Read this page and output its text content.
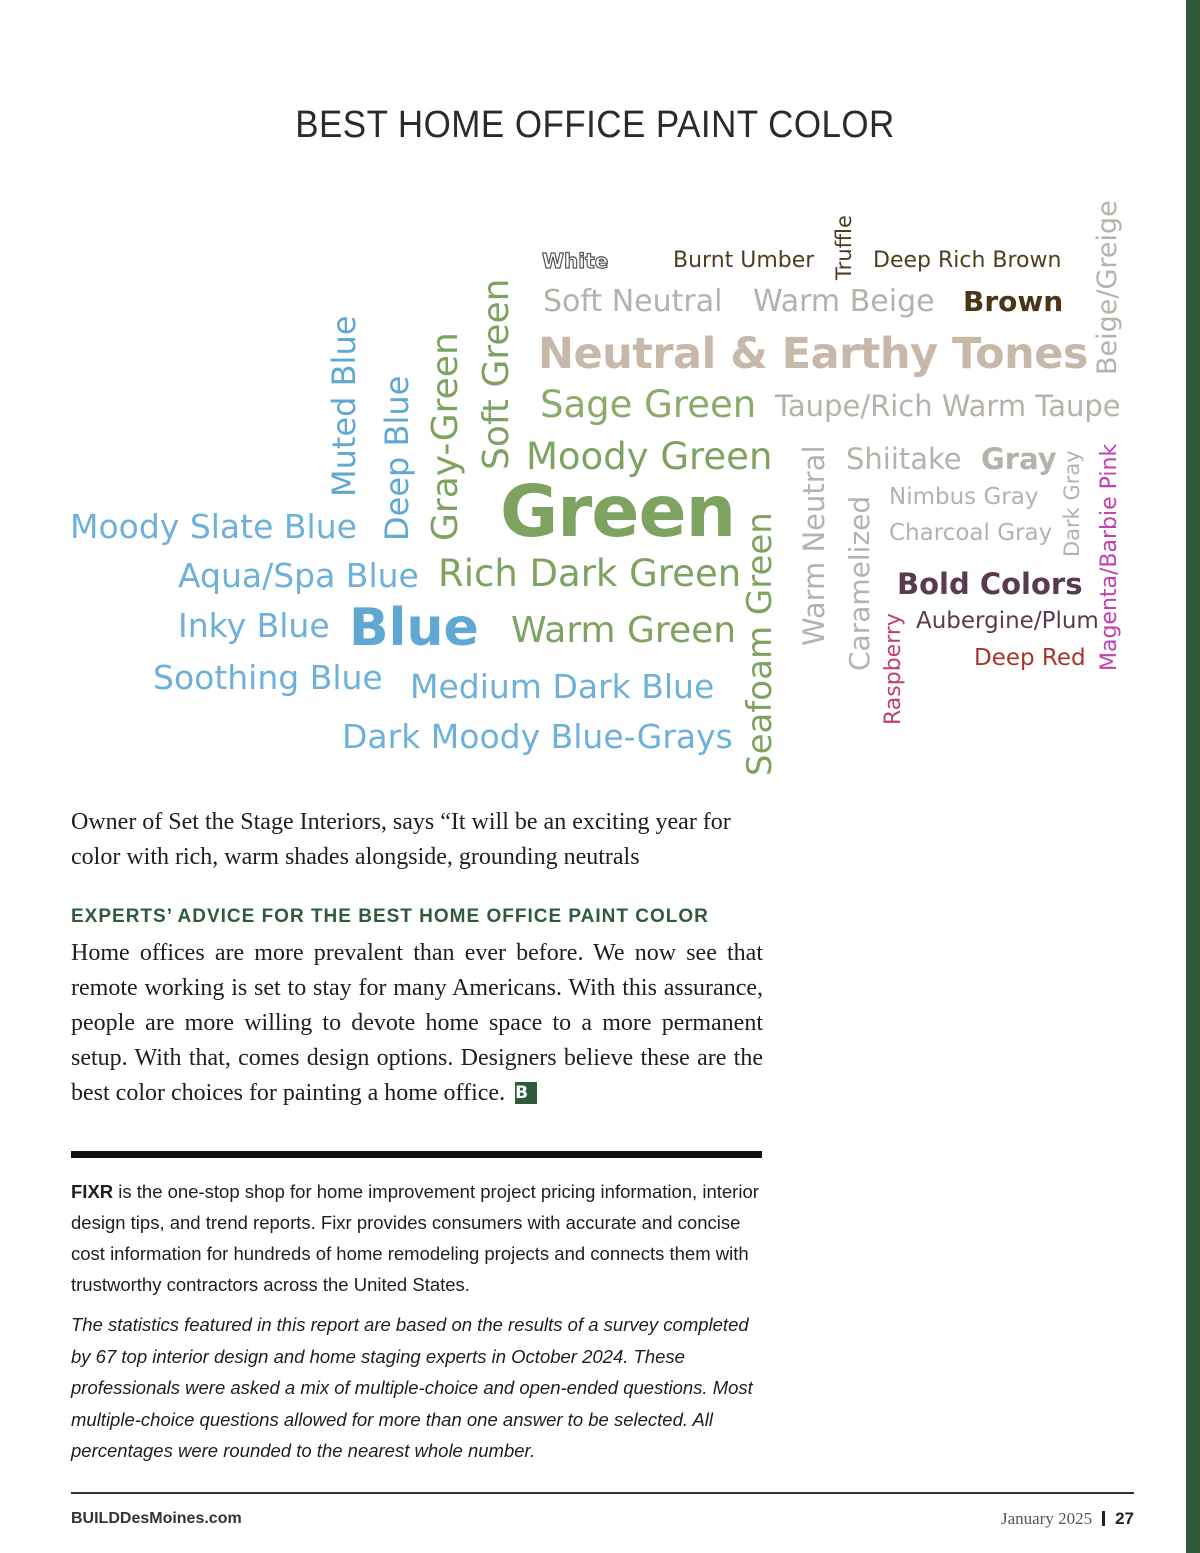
BEST HOME OFFICE PAINT COLOR
White	Burnt Umber Truffle Deep Rich Brown Beige/Greige
Soft Neutral Warm Beige Brown
Neutral & Earthy Tones
Sage Green Taupe/Rich Warm Taupe
Muted Blue Deep Blue Gray-Green Soft Green Moody Green Warm Neutral Shiitake Gray Dark Gray Magenta/Barbie Pink
Caramelized Nimbus Gray
Charcoal Gray
Moody Slate Blue Green
Seafoam Green
Aqua/Spa Blue Rich Dark Green	Bold Colors
Inky Blue Blue Warm Green	Aubergine/Plum
Raspberry	Deep Red
Soothing Blue Medium Dark Blue
Dark Moody Blue-Grays
Owner of Set the Stage Interiors, says “It will be an exciting year for color with rich, warm shades alongside, grounding neutrals
EXPERTS’ ADVICE FOR THE BEST HOME OFFICE PAINT COLOR
Home offices are more prevalent than ever before. We now see that remote working is set to stay for many Americans. With this assurance, people are more willing to devote home space to a more permanent setup. With that, comes design options. Designers believe these are the best color choices for painting a home office. B
FIXR is the one-stop shop for home improvement project pricing information, interior design tips, and trend reports. Fixr provides consumers with accurate and concise cost information for hundreds of home remodeling projects and connects them with trustworthy contractors across the United States.
The statistics featured in this report are based on the results of a survey completed by 67 top interior design and home staging experts in October 2024. These professionals were asked a mix of multiple-choice and open-ended questions. Most multiple-choice questions allowed for more than one answer to be selected. All percentages were rounded to the nearest whole number.
BUILDDesMoines.com	January 2025 27
